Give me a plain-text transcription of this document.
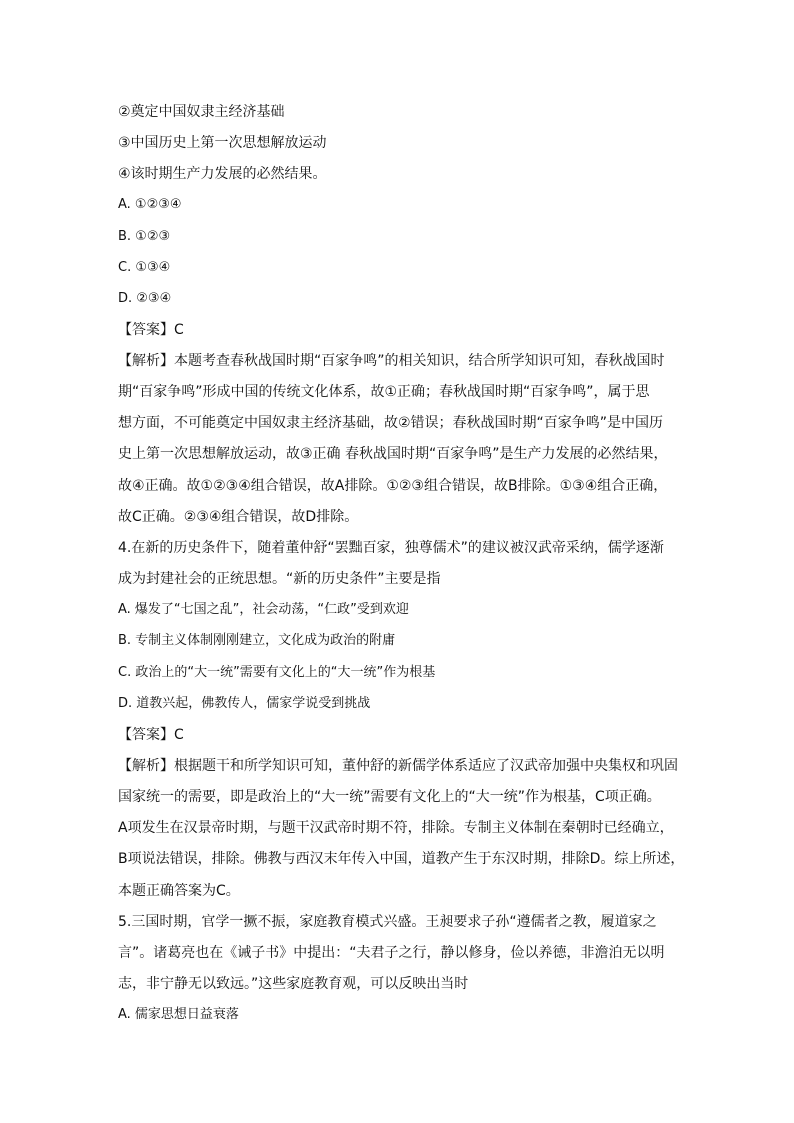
②奠定中国奴隶主经济基础
③中国历史上第一次思想解放运动
④该时期生产力发展的必然结果。
A. ①②③④
B. ①②③
C. ①③④
D. ②③④
【答案】C
【解析】本题考查春秋战国时期“百家争鸣”的相关知识，结合所学知识可知，春秋战国时
期“百家争鸣”形成中国的传统文化体系，故①正确；春秋战国时期“百家争鸣”，属于思
想方面，不可能奠定中国奴隶主经济基础，故②错误；春秋战国时期“百家争鸣”是中国历
史上第一次思想解放运动，故③正确 春秋战国时期“百家争鸣”是生产力发展的必然结果，
故④正确。故①②③④组合错误，故A排除。①②③组合错误，故B排除。①③④组合正确，
故C正确。②③④组合错误，故D排除。
4.在新的历史条件下，随着董仲舒“罢黜百家，独尊儒术”的建议被汉武帝采纳，儒学逐渐
成为封建社会的正统思想。“新的历史条件”主要是指
A. 爆发了“七国之乱”，社会动荡，“仁政”受到欢迎
B. 专制主义体制刚刚建立，文化成为政治的附庸
C. 政治上的“大一统”需要有文化上的“大一统”作为根基
D. 道教兴起，佛教传人，儒家学说受到挑战
【答案】C
【解析】根据题干和所学知识可知，董仲舒的新儒学体系适应了汉武帝加强中央集权和巩固
国家统一的需要，即是政治上的“大一统”需要有文化上的“大一统”作为根基，C项正确。
A项发生在汉景帝时期，与题干汉武帝时期不符，排除。专制主义体制在秦朝时已经确立，
B项说法错误，排除。佛教与西汉末年传入中国，道教产生于东汉时期，排除D。综上所述，
本题正确答案为C。
5.三国时期，官学一撅不振，家庭教育模式兴盛。王昶要求子孙“遵儒者之教，履道家之
言”。诸葛亮也在《诫子书》中提出：“夫君子之行，静以修身，俭以养德，非澹泊无以明
志，非宁静无以致远。”这些家庭教育观，可以反映出当时
A. 儒家思想日益衰落
